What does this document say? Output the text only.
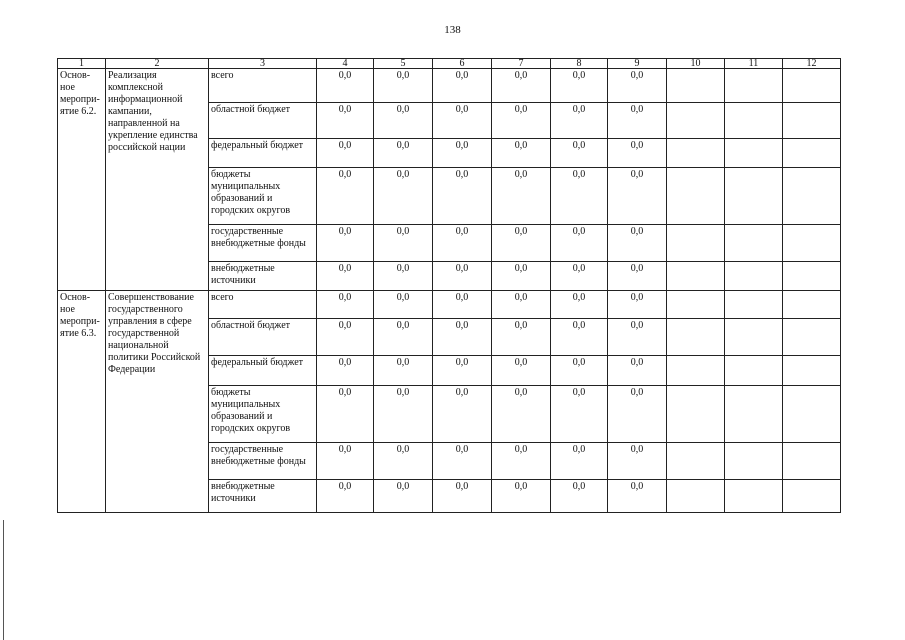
138
1	2	3	4	5	6	7	8	9	10	11	12

Основ-
ное
меропри-
ятие 6.2.	Реализация комплексной информационной кампании, направленной на укрепление единства российской нации	всего	0,0	0,0	0,0	0,0	0,0	0,0			
		областной бюджет	0,0	0,0	0,0	0,0	0,0	0,0			
		федеральный бюджет	0,0	0,0	0,0	0,0	0,0	0,0			
		бюджеты муниципальных образований и городских округов	0,0	0,0	0,0	0,0	0,0	0,0			
		государственные внебюджетные фонды	0,0	0,0	0,0	0,0	0,0	0,0			
		внебюджетные источники	0,0	0,0	0,0	0,0	0,0	0,0			

Основ-
ное
меропри-
ятие 6.3.	Совершенствование государственного управления в сфере государственной национальной политики Российской Федерации	всего	0,0	0,0	0,0	0,0	0,0	0,0			
		областной бюджет	0,0	0,0	0,0	0,0	0,0	0,0			
		федеральный бюджет	0,0	0,0	0,0	0,0	0,0	0,0			
		бюджеты муниципальных образований и городских округов	0,0	0,0	0,0	0,0	0,0	0,0			
		государственные внебюджетные фонды	0,0	0,0	0,0	0,0	0,0	0,0			
		внебюджетные источники	0,0	0,0	0,0	0,0	0,0	0,0			
